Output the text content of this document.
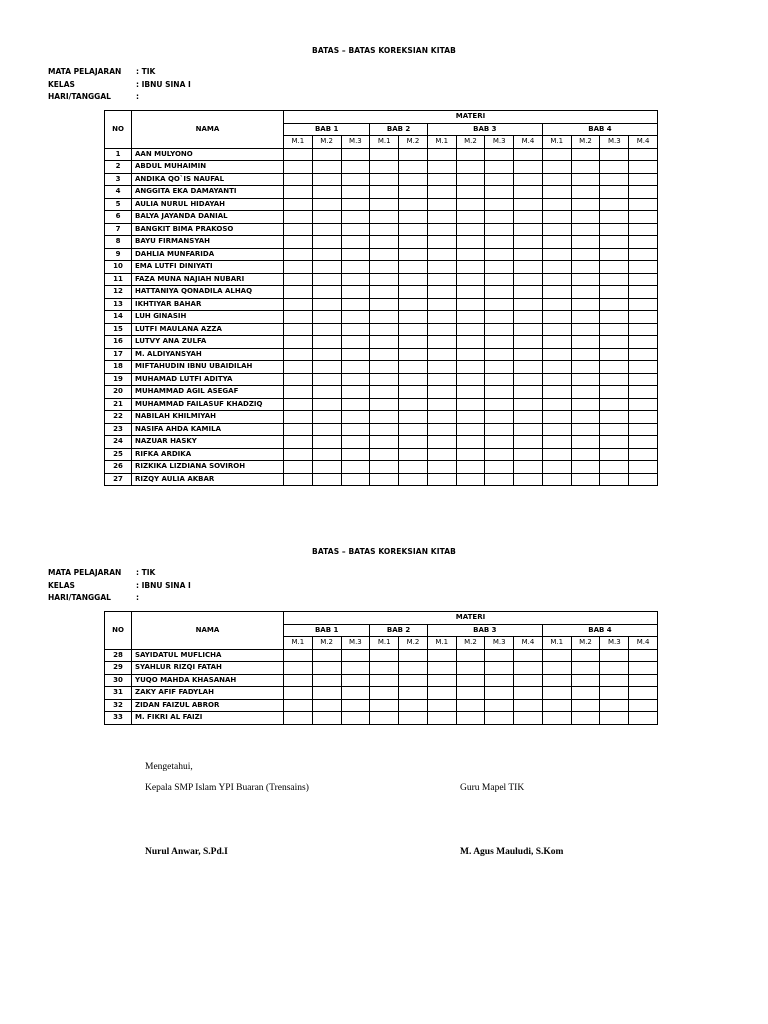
BATAS – BATAS KOREKSIAN KITAB
MATA PELAJARAN : TIK
KELAS	: IBNU SINA I
HARI/TANGGAL	:
NO	NAMA	MATERI												
		BAB 1			BAB 2		BAB 3				BAB 4			
		M.1	M.2	M.3	M.1	M.2	M.1	M.2	M.3	M.4	M.1	M.2	M.3	M.4
1	AAN MULYONO													
2	ABDUL MUHAIMIN													
3	ANDIKA QO`IS NAUFAL													
4	ANGGITA EKA DAMAYANTI													
5	AULIA NURUL HIDAYAH													
6	BALYA JAYANDA DANIAL													
7	BANGKIT BIMA PRAKOSO													
8	BAYU FIRMANSYAH													
9	DAHLIA MUNFARIDA													
10	EMA LUTFI DINIYATI													
11	FAZA MUNA NAJIAH NUBARI													
12	HATTANIYA QONADILA ALHAQ													
13	IKHTIYAR BAHAR													
14	LUH GINASIH													
15	LUTFI MAULANA AZZA													
16	LUTVY ANA ZULFA													
17	M. ALDIYANSYAH													
18	MIFTAHUDIN IBNU UBAIDILAH													
19	MUHAMAD LUTFI ADITYA													
20	MUHAMMAD AGIL ASEGAF													
21	MUHAMMAD FAILASUF KHADZIQ													
22	NABILAH KHILMIYAH													
23	NASIFA AHDA KAMILA													
24	NAZUAR HASKY													
25	RIFKA ARDIKA													
26	RIZKIKA LIZDIANA SOVIROH													
27	RIZQY AULIA AKBAR													
BATAS – BATAS KOREKSIAN KITAB
MATA PELAJARAN : TIK
KELAS	: IBNU SINA I
HARI/TANGGAL	:
NO	NAMA	MATERI												
		BAB 1			BAB 2		BAB 3				BAB 4			
		M.1	M.2	M.3	M.1	M.2	M.1	M.2	M.3	M.4	M.1	M.2	M.3	M.4
28	SAYIDATUL MUFLICHA													
29	SYAHLUR RIZQI FATAH													
30	YUQO MAHDA KHASANAH													
31	ZAKY AFIF FADYLAH													
32	ZIDAN FAIZUL ABROR													
33	M. FIKRI AL FAIZI													
Mengetahui,
Kepala SMP Islam YPI Buaran (Trensains)	Guru Mapel TIK
Nurul Anwar, S.Pd.I	M. Agus Mauludi, S.Kom
